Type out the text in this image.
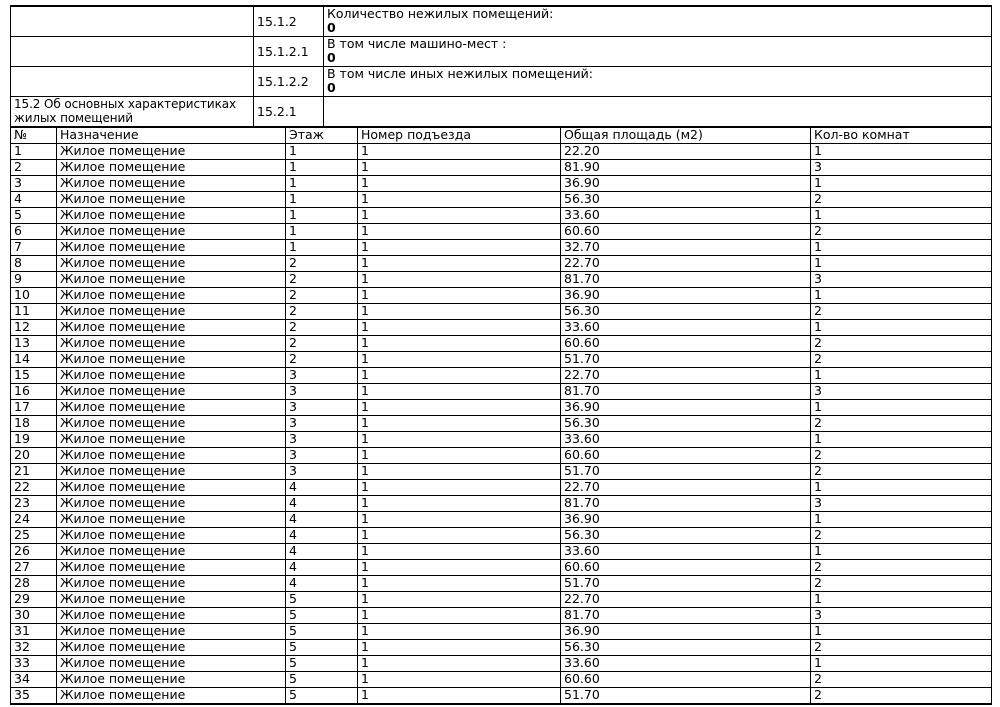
	15.1.2	Количество нежилых помещений:
0

	15.1.2.1	В том числе машино-мест :
0

	15.1.2.2	В том числе иных нежилых помещений:
0

15.2 Об основных характеристиках жилых помещений	15.2.1	
№	Назначение	Этаж	Номер подъезда	Общая площадь (м2)	Кол-во комнат
1	Жилое помещение	1	1	22.20	1
2	Жилое помещение	1	1	81.90	3
3	Жилое помещение	1	1	36.90	1
4	Жилое помещение	1	1	56.30	2
5	Жилое помещение	1	1	33.60	1
6	Жилое помещение	1	1	60.60	2
7	Жилое помещение	1	1	32.70	1
8	Жилое помещение	2	1	22.70	1
9	Жилое помещение	2	1	81.70	3
10	Жилое помещение	2	1	36.90	1
11	Жилое помещение	2	1	56.30	2
12	Жилое помещение	2	1	33.60	1
13	Жилое помещение	2	1	60.60	2
14	Жилое помещение	2	1	51.70	2
15	Жилое помещение	3	1	22.70	1
16	Жилое помещение	3	1	81.70	3
17	Жилое помещение	3	1	36.90	1
18	Жилое помещение	3	1	56.30	2
19	Жилое помещение	3	1	33.60	1
20	Жилое помещение	3	1	60.60	2
21	Жилое помещение	3	1	51.70	2
22	Жилое помещение	4	1	22.70	1
23	Жилое помещение	4	1	81.70	3
24	Жилое помещение	4	1	36.90	1
25	Жилое помещение	4	1	56.30	2
26	Жилое помещение	4	1	33.60	1
27	Жилое помещение	4	1	60.60	2
28	Жилое помещение	4	1	51.70	2
29	Жилое помещение	5	1	22.70	1
30	Жилое помещение	5	1	81.70	3
31	Жилое помещение	5	1	36.90	1
32	Жилое помещение	5	1	56.30	2
33	Жилое помещение	5	1	33.60	1
34	Жилое помещение	5	1	60.60	2
35	Жилое помещение	5	1	51.70	2
